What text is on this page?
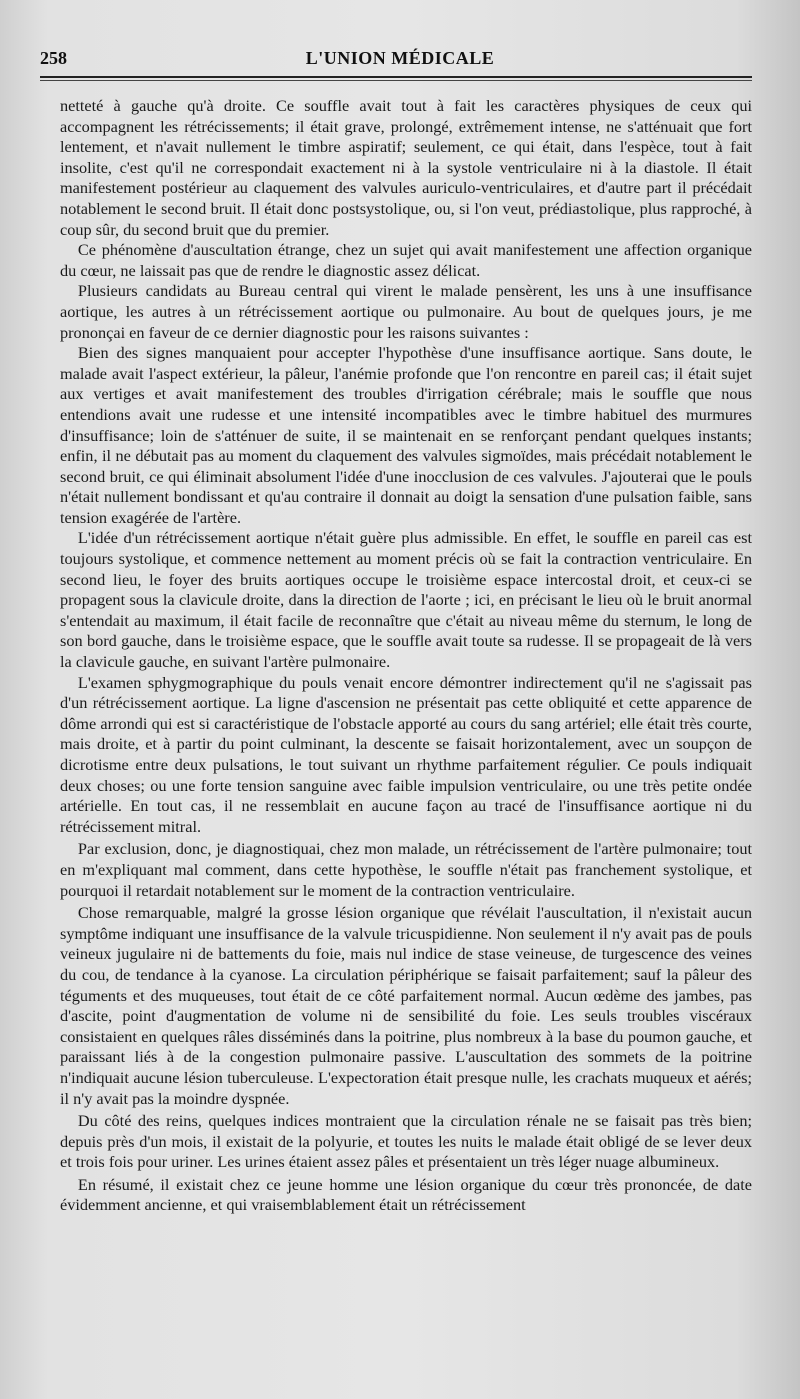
258	L'UNION MÉDICALE

netteté à gauche qu'à droite. Ce souffle avait tout à fait les caractères physiques de ceux qui accompagnent les rétrécissements; il était grave, prolongé, extrêmement intense, ne s'atténuait que fort lentement, et n'avait nullement le timbre aspiratif; seulement, ce qui était, dans l'espèce, tout à fait insolite, c'est qu'il ne correspondait exactement ni à la systole ventriculaire ni à la diastole. Il était manifestement postérieur au claquement des valvules auriculo-ventriculaires, et d'autre part il précédait notablement le second bruit. Il était donc postsystolique, ou, si l'on veut, prédiastolique, plus rapproché, à coup sûr, du second bruit que du premier.

Ce phénomène d'auscultation étrange, chez un sujet qui avait manifestement une affection organique du cœur, ne laissait pas que de rendre le diagnostic assez délicat.

Plusieurs candidats au Bureau central qui virent le malade pensèrent, les uns à une insuffisance aortique, les autres à un rétrécissement aortique ou pulmonaire. Au bout de quelques jours, je me prononçai en faveur de ce dernier diagnostic pour les raisons suivantes :

Bien des signes manquaient pour accepter l'hypothèse d'une insuffisance aortique. Sans doute, le malade avait l'aspect extérieur, la pâleur, l'anémie profonde que l'on rencontre en pareil cas; il était sujet aux vertiges et avait manifestement des troubles d'irrigation cérébrale; mais le souffle que nous entendions avait une rudesse et une intensité incompatibles avec le timbre habituel des murmures d'insuffisance; loin de s'atténuer de suite, il se maintenait en se renforçant pendant quelques instants; enfin, il ne débutait pas au moment du claquement des valvules sigmoïdes, mais précédait notablement le second bruit, ce qui éliminait absolument l'idée d'une inocclusion de ces valvules. J'ajouterai que le pouls n'était nullement bondissant et qu'au contraire il donnait au doigt la sensation d'une pulsation faible, sans tension exagérée de l'artère.

L'idée d'un rétrécissement aortique n'était guère plus admissible. En effet, le souffle en pareil cas est toujours systolique, et commence nettement au moment précis où se fait la contraction ventriculaire. En second lieu, le foyer des bruits aortiques occupe le troisième espace intercostal droit, et ceux-ci se propagent sous la clavicule droite, dans la direction de l'aorte ; ici, en précisant le lieu où le bruit anormal s'entendait au maximum, il était facile de reconnaître que c'était au niveau même du sternum, le long de son bord gauche, dans le troisième espace, que le souffle avait toute sa rudesse. Il se propageait de là vers la clavicule gauche, en suivant l'artère pulmonaire.

L'examen sphygmographique du pouls venait encore démontrer indirectement qu'il ne s'agissait pas d'un rétrécissement aortique. La ligne d'ascension ne présentait pas cette obliquité et cette apparence de dôme arrondi qui est si caractéristique de l'obstacle apporté au cours du sang artériel; elle était très courte, mais droite, et à partir du point culminant, la descente se faisait horizontalement, avec un soupçon de dicrotisme entre deux pulsations, le tout suivant un rhythme parfaitement régulier. Ce pouls indiquait deux choses; ou une forte tension sanguine avec faible impulsion ventriculaire, ou une très petite ondée artérielle. En tout cas, il ne ressemblait en aucune façon au tracé de l'insuffisance aortique ni du rétrécissement mitral.

Par exclusion, donc, je diagnostiquai, chez mon malade, un rétrécissement de l'artère pulmonaire; tout en m'expliquant mal comment, dans cette hypothèse, le souffle n'était pas franchement systolique, et pourquoi il retardait notablement sur le moment de la contraction ventriculaire.

Chose remarquable, malgré la grosse lésion organique que révélait l'auscultation, il n'existait aucun symptôme indiquant une insuffisance de la valvule tricuspidienne. Non seulement il n'y avait pas de pouls veineux jugulaire ni de battements du foie, mais nul indice de stase veineuse, de turgescence des veines du cou, de tendance à la cyanose. La circulation périphérique se faisait parfaitement; sauf la pâleur des téguments et des muqueuses, tout était de ce côté parfaitement normal. Aucun œdème des jambes, pas d'ascite, point d'augmentation de volume ni de sensibilité du foie. Les seuls troubles viscéraux consistaient en quelques râles disséminés dans la poitrine, plus nombreux à la base du poumon gauche, et paraissant liés à de la congestion pulmonaire passive. L'auscultation des sommets de la poitrine n'indiquait aucune lésion tuberculeuse. L'expectoration était presque nulle, les crachats muqueux et aérés; il n'y avait pas la moindre dyspnée.

Du côté des reins, quelques indices montraient que la circulation rénale ne se faisait pas très bien; depuis près d'un mois, il existait de la polyurie, et toutes les nuits le malade était obligé de se lever deux et trois fois pour uriner. Les urines étaient assez pâles et présentaient un très léger nuage albumineux.

En résumé, il existait chez ce jeune homme une lésion organique du cœur très prononcée, de date évidemment ancienne, et qui vraisemblablement était un rétrécissement
